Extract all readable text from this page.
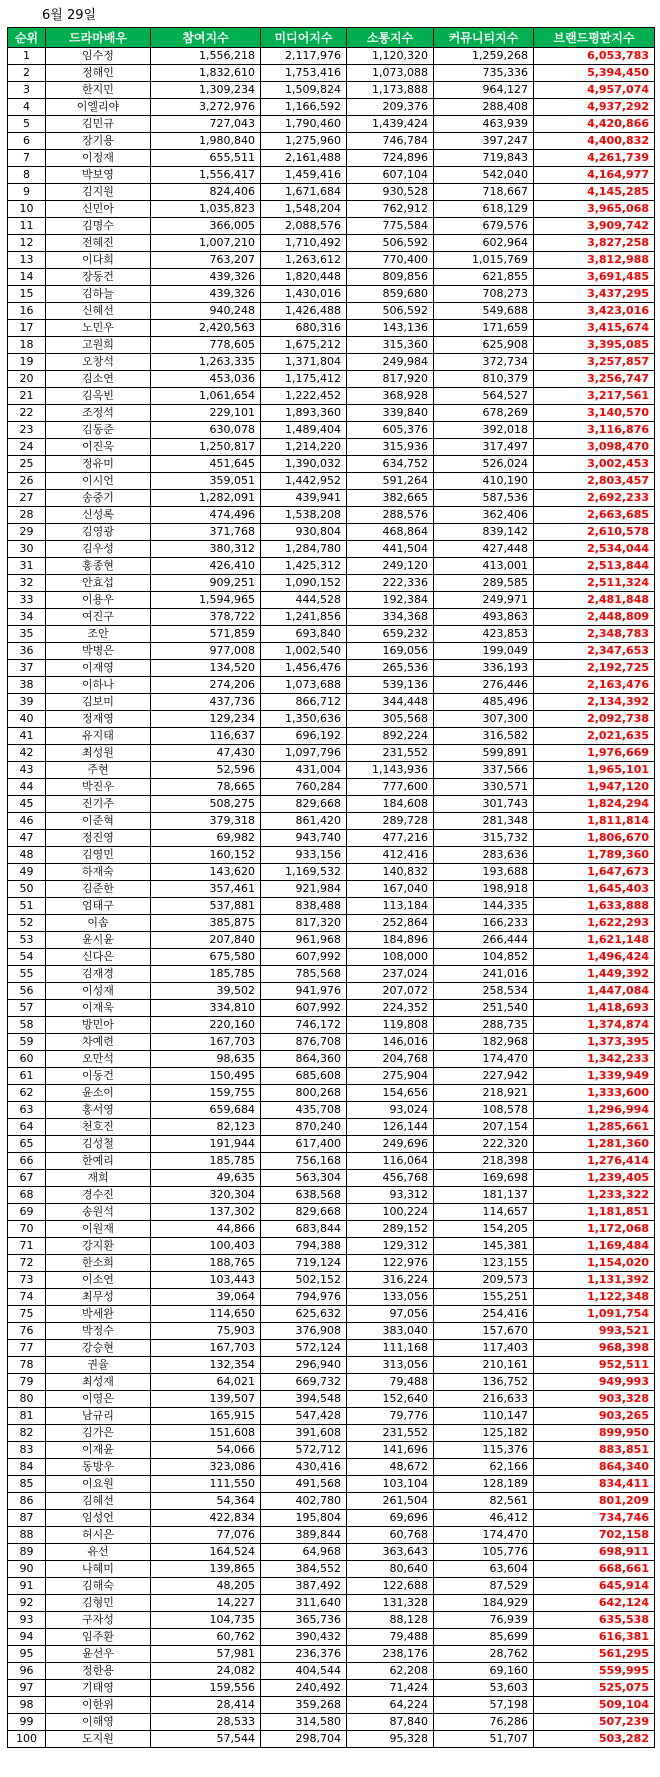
6월 29일
순위	드라마배우	참여지수	미디어지수	소통지수	커뮤니티지수	브랜드평판지수
1	임수정	1,556,218	2,117,976	1,120,320	1,259,268	6,053,783
2	정해인	1,832,610	1,753,416	1,073,088	735,336	5,394,450
3	한지민	1,309,234	1,509,824	1,173,888	964,127	4,957,074
4	이엘리야	3,272,976	1,166,592	209,376	288,408	4,937,292
5	김민규	727,043	1,790,460	1,439,424	463,939	4,420,866
6	장기용	1,980,840	1,275,960	746,784	397,247	4,400,832
7	이정재	655,511	2,161,488	724,896	719,843	4,261,739
8	박보영	1,556,417	1,459,416	607,104	542,040	4,164,977
9	김지원	824,406	1,671,684	930,528	718,667	4,145,285
10	신민아	1,035,823	1,548,204	762,912	618,129	3,965,068
11	김명수	366,005	2,088,576	775,584	679,576	3,909,742
12	전혜진	1,007,210	1,710,492	506,592	602,964	3,827,258
13	이다희	763,207	1,263,612	770,400	1,015,769	3,812,988
14	장동건	439,326	1,820,448	809,856	621,855	3,691,485
15	김하늘	439,326	1,430,016	859,680	708,273	3,437,295
16	신혜선	940,248	1,426,488	506,592	549,688	3,423,016
17	노민우	2,420,563	680,316	143,136	171,659	3,415,674
18	고원희	778,605	1,675,212	315,360	625,908	3,395,085
19	오창석	1,263,335	1,371,804	249,984	372,734	3,257,857
20	김소연	453,036	1,175,412	817,920	810,379	3,256,747
21	김옥빈	1,061,654	1,222,452	368,928	564,527	3,217,561
22	조정석	229,101	1,893,360	339,840	678,269	3,140,570
23	김동준	630,078	1,489,404	605,376	392,018	3,116,876
24	이진욱	1,250,817	1,214,220	315,936	317,497	3,098,470
25	정유미	451,645	1,390,032	634,752	526,024	3,002,453
26	이시언	359,051	1,442,952	591,264	410,190	2,803,457
27	송중기	1,282,091	439,941	382,665	587,536	2,692,233
28	신성록	474,496	1,538,208	288,576	362,406	2,663,685
29	김영광	371,768	930,804	468,864	839,142	2,610,578
30	김우성	380,312	1,284,780	441,504	427,448	2,534,044
31	홍종현	426,410	1,425,312	249,120	413,001	2,513,844
32	안효섭	909,251	1,090,152	222,336	289,585	2,511,324
33	이용우	1,594,965	444,528	192,384	249,971	2,481,848
34	여진구	378,722	1,241,856	334,368	493,863	2,448,809
35	조안	571,859	693,840	659,232	423,853	2,348,783
36	박병은	977,008	1,002,540	169,056	199,049	2,347,653
37	이재영	134,520	1,456,476	265,536	336,193	2,192,725
38	이하나	274,206	1,073,688	539,136	276,446	2,163,476
39	김보미	437,736	866,712	344,448	485,496	2,134,392
40	정재영	129,234	1,350,636	305,568	307,300	2,092,738
41	유지태	116,637	696,192	892,224	316,582	2,021,635
42	최성원	47,430	1,097,796	231,552	599,891	1,976,669
43	주현	52,596	431,004	1,143,936	337,566	1,965,101
44	박진우	78,665	760,284	777,600	330,571	1,947,120
45	진기주	508,275	829,668	184,608	301,743	1,824,294
46	이준혁	379,318	861,420	289,728	281,348	1,811,814
47	정진영	69,982	943,740	477,216	315,732	1,806,670
48	김영민	160,152	933,156	412,416	283,636	1,789,360
49	하재숙	143,620	1,169,532	140,832	193,688	1,647,673
50	김준한	357,461	921,984	167,040	198,918	1,645,403
51	엄태구	537,881	838,488	113,184	144,335	1,633,888
52	이솜	385,875	817,320	252,864	166,233	1,622,293
53	윤시윤	207,840	961,968	184,896	266,444	1,621,148
54	신다은	675,580	607,992	108,000	104,852	1,496,424
55	김재경	185,785	785,568	237,024	241,016	1,449,392
56	이성재	39,502	941,976	207,072	258,534	1,447,084
57	이재욱	334,810	607,992	224,352	251,540	1,418,693
58	방민아	220,160	746,172	119,808	288,735	1,374,874
59	차예련	167,703	876,708	146,016	182,968	1,373,395
60	오만석	98,635	864,360	204,768	174,470	1,342,233
61	이동건	150,495	685,608	275,904	227,942	1,339,949
62	윤소이	159,755	800,268	154,656	218,921	1,333,600
63	홍서영	659,684	435,708	93,024	108,578	1,296,994
64	천호진	82,123	870,240	126,144	207,154	1,285,661
65	김성철	191,944	617,400	249,696	222,320	1,281,360
66	한예리	185,785	756,168	116,064	218,398	1,276,414
67	재희	49,635	563,304	456,768	169,698	1,239,405
68	경수진	320,304	638,568	93,312	181,137	1,233,322
69	송원석	137,302	829,668	100,224	114,657	1,181,851
70	이원재	44,866	683,844	289,152	154,205	1,172,068
71	강지환	100,403	794,388	129,312	145,381	1,169,484
72	한소희	188,765	719,124	122,976	123,155	1,154,020
73	이소연	103,443	502,152	316,224	209,573	1,131,392
74	최무성	39,064	794,976	133,056	155,251	1,122,348
75	박세완	114,650	625,632	97,056	254,416	1,091,754
76	박정수	75,903	376,908	383,040	157,670	993,521
77	강승현	167,703	572,124	111,168	117,403	968,398
78	권율	132,354	296,940	313,056	210,161	952,511
79	최성재	64,021	669,732	79,488	136,752	949,993
80	이영은	139,507	394,548	152,640	216,633	903,328
81	남규리	165,915	547,428	79,776	110,147	903,265
82	김가은	151,608	391,608	231,552	125,182	899,950
83	이재윤	54,066	572,712	141,696	115,376	883,851
84	동방우	323,086	430,416	48,672	62,166	864,340
85	이요원	111,550	491,568	103,104	128,189	834,411
86	김혜선	54,364	402,780	261,504	82,561	801,209
87	임성언	422,834	195,804	69,696	46,412	734,746
88	허시은	77,076	389,844	60,768	174,470	702,158
89	유선	164,524	64,968	363,643	105,776	698,911
90	나혜미	139,865	384,552	80,640	63,604	668,661
91	김해숙	48,205	387,492	122,688	87,529	645,914
92	김형민	14,227	311,640	131,328	184,929	642,124
93	구자성	104,735	365,736	88,128	76,939	635,538
94	임주환	60,762	390,432	79,488	85,699	616,381
95	윤선우	57,981	236,376	238,176	28,762	561,295
96	정한용	24,082	404,544	62,208	69,160	559,995
97	기태영	159,556	240,492	71,424	53,603	525,075
98	이한위	28,414	359,268	64,224	57,198	509,104
99	이해영	28,533	314,580	87,840	76,286	507,239
100	도지원	57,544	298,704	95,328	51,707	503,282
